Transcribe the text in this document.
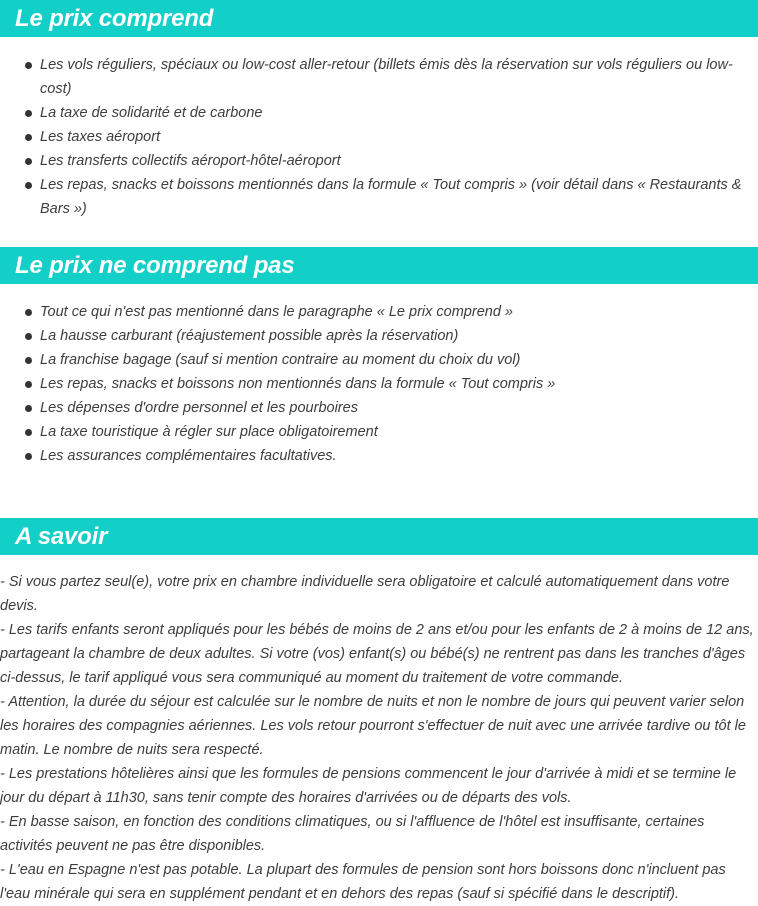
Le prix comprend
Les vols réguliers, spéciaux ou low-cost aller-retour (billets émis dès la réservation sur vols réguliers ou low-cost)
La taxe de solidarité et de carbone
Les taxes aéroport
Les transferts collectifs aéroport-hôtel-aéroport
Les repas, snacks et boissons mentionnés dans la formule « Tout compris » (voir détail dans « Restaurants & Bars »)
Le prix ne comprend pas
Tout ce qui n'est pas mentionné dans le paragraphe « Le prix comprend »
La hausse carburant (réajustement possible après la réservation)
La franchise bagage (sauf si mention contraire au moment du choix du vol)
Les repas, snacks et boissons non mentionnés dans la formule « Tout compris »
Les dépenses d'ordre personnel et les pourboires
La taxe touristique à régler sur place obligatoirement
Les assurances complémentaires facultatives.
A savoir

- Si vous partez seul(e), votre prix en chambre individuelle sera obligatoire et calculé automatiquement dans votre devis.

- Les tarifs enfants seront appliqués pour les bébés de moins de 2 ans et/ou pour les enfants de 2 à moins de 12 ans, partageant la chambre de deux adultes. Si votre (vos) enfant(s) ou bébé(s) ne rentrent pas dans les tranches d'âges ci-dessus, le tarif appliqué vous sera communiqué au moment du traitement de votre commande.

- Attention, la durée du séjour est calculée sur le nombre de nuits et non le nombre de jours qui peuvent varier selon les horaires des compagnies aériennes. Les vols retour pourront s'effectuer de nuit avec une arrivée tardive ou tôt le matin. Le nombre de nuits sera respecté.

- Les prestations hôtelières ainsi que les formules de pensions commencent le jour d'arrivée à midi et se termine le jour du départ à 11h30, sans tenir compte des horaires d'arrivées ou de départs des vols.

- En basse saison, en fonction des conditions climatiques, ou si l'affluence de l'hôtel est insuffisante, certaines activités peuvent ne pas être disponibles.

- L'eau en Espagne n'est pas potable. La plupart des formules de pension sont hors boissons donc n'incluent pas l'eau minérale qui sera en supplément pendant et en dehors des repas (sauf si spécifié dans le descriptif).
